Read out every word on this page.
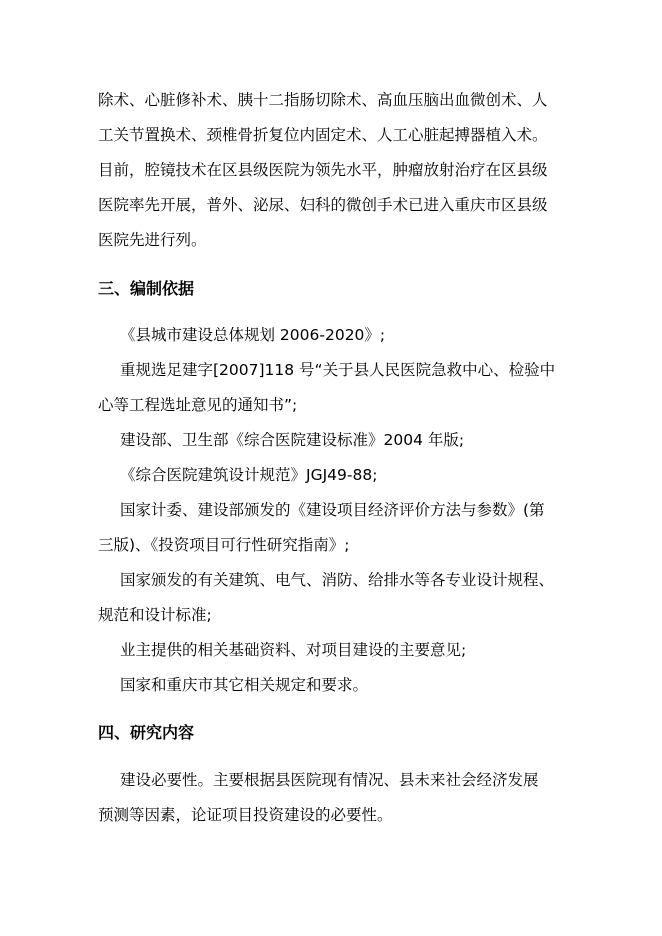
除术、心脏修补术、胰十二指肠切除术、高血压脑出血微创术、人
工关节置换术、颈椎骨折复位内固定术、人工心脏起搏器植入术。
目前，腔镜技术在区县级医院为领先水平，肿瘤放射治疗在区县级
医院率先开展，普外、泌尿、妇科的微创手术已进入重庆市区县级
医院先进行列。
三、编制依据
《县城市建设总体规划 2006-2020》;
重规选足建字[2007]118 号“关于县人民医院急救中心、检验中
心等工程选址意见的通知书”;
建设部、卫生部《综合医院建设标准》2004 年版;
《综合医院建筑设计规范》JGJ49-88;
国家计委、建设部颁发的《建设项目经济评价方法与参数》(第
三版)、《投资项目可行性研究指南》;
国家颁发的有关建筑、电气、消防、给排水等各专业设计规程、
规范和设计标准;
业主提供的相关基础资料、对项目建设的主要意见;
国家和重庆市其它相关规定和要求。
四、研究内容
建设必要性。主要根据县医院现有情况、县未来社会经济发展
预测等因素，论证项目投资建设的必要性。
